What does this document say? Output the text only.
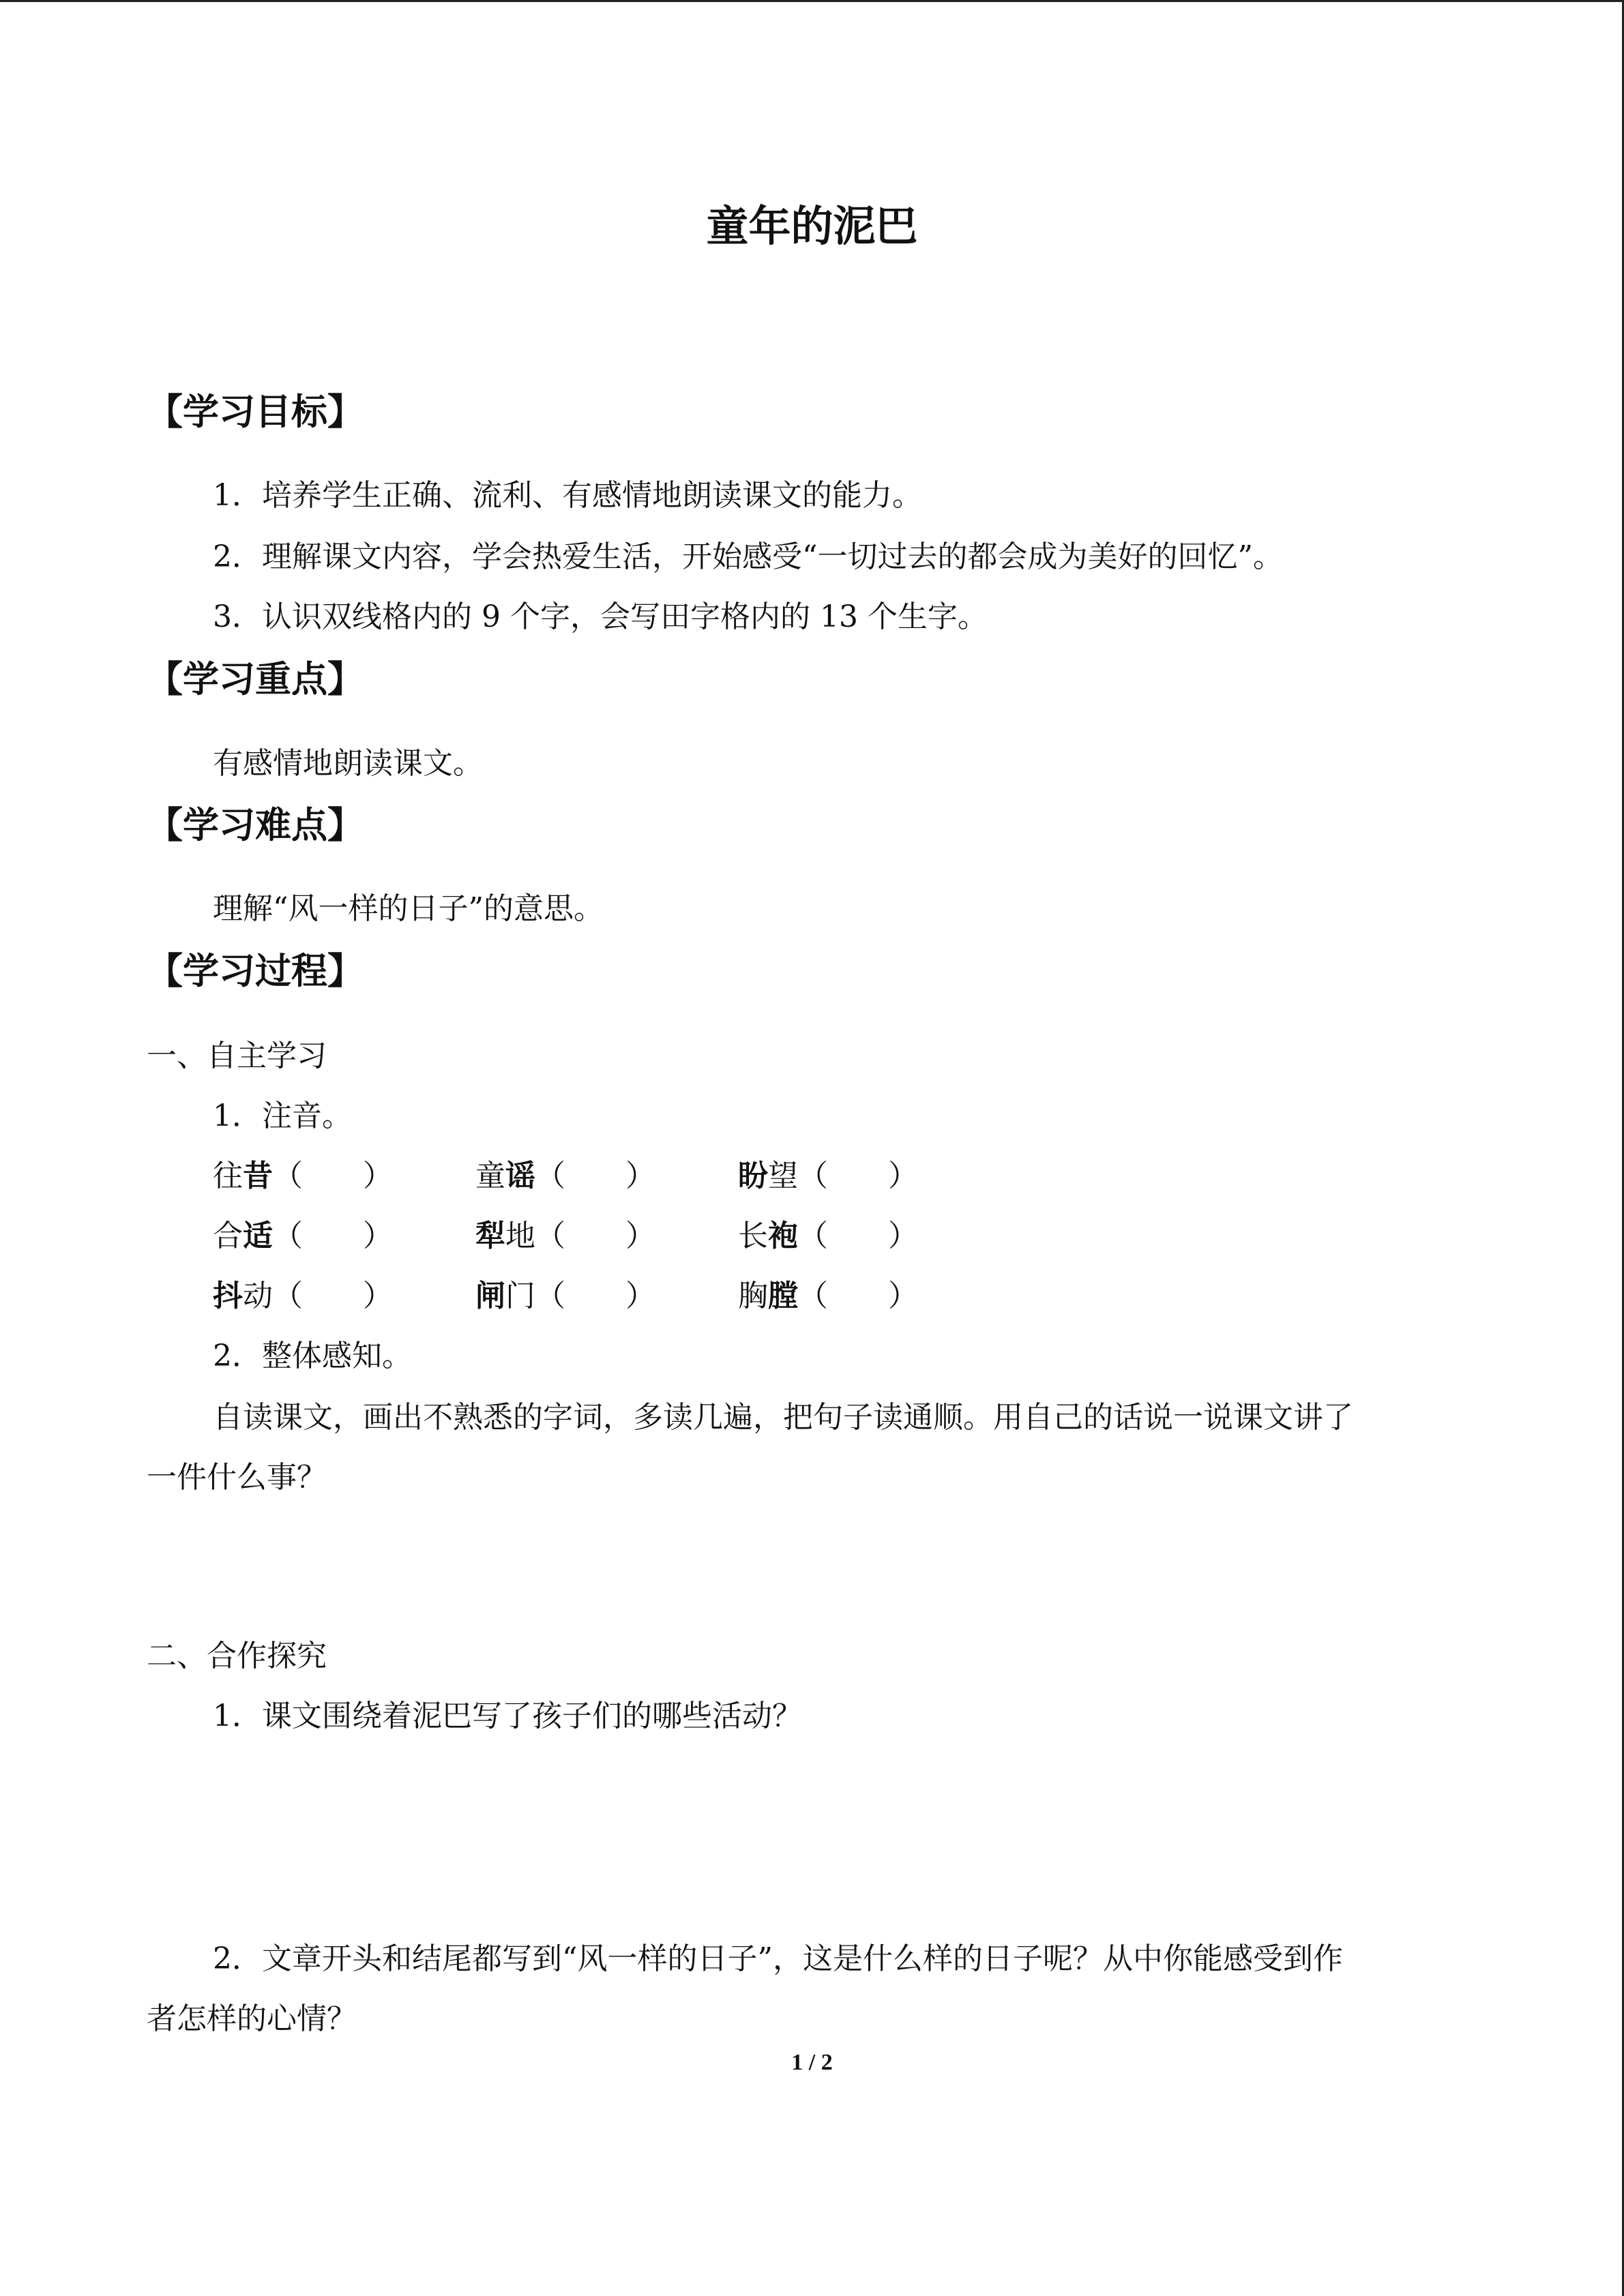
童年的泥巴
【学习目标】
1．培养学生正确、流利、有感情地朗读课文的能力。
2．理解课文内容，学会热爱生活，开始感受“一切过去的都会成为美好的回忆”。
3．认识双线格内的 9 个字，会写田字格内的 13 个生字。
【学习重点】
有感情地朗读课文。
【学习难点】
理解“风一样的日子”的意思。
【学习过程】
一、自主学习
1．注音。
往昔（　　）	童谣（　　）	盼望（　　）
合适（　　）	犁地（　　）	长袍（　　）
抖动（　　）	闸门（　　）	胸膛（　　）
2．整体感知。
自读课文，画出不熟悉的字词，多读几遍，把句子读通顺。用自己的话说一说课文讲了
一件什么事？
二、合作探究
1．课文围绕着泥巴写了孩子们的哪些活动？
2．文章开头和结尾都写到“风一样的日子”，这是什么样的日子呢？从中你能感受到作
者怎样的心情？
1 / 2
